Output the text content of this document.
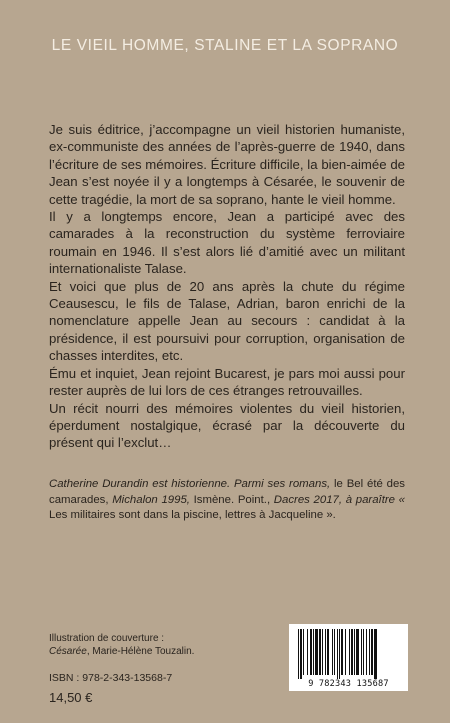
LE VIEIL HOMME, STALINE ET LA SOPRANO

Je suis éditrice, j’accompagne un vieil historien humaniste, ex-communiste des années de l’après-guerre de 1940, dans l’écriture de ses mémoires. Écriture difficile, la bien-aimée de Jean s’est noyée il y a longtemps à Césarée, le souvenir de cette tragédie, la mort de sa soprano, hante le vieil homme.

Il y a longtemps encore, Jean a participé avec des camarades à la reconstruction du système ferroviaire roumain en 1946. Il s’est alors lié d’amitié avec un militant internationaliste Talase.

Et voici que plus de 20 ans après la chute du régime Ceausescu, le fils de Talase, Adrian, baron enrichi de la nomenclature appelle Jean au secours : candidat à la présidence, il est poursuivi pour corruption, organisation de chasses interdites, etc.

Ému et inquiet, Jean rejoint Bucarest, je pars moi aussi pour rester auprès de lui lors de ces étranges retrouvailles.

Un récit nourri des mémoires violentes du vieil historien, éperdument nostalgique, écrasé par la découverte du présent qui l’exclut…

Catherine Durandin est historienne. Parmi ses romans, le Bel été des camarades, Michalon 1995, Ismène. Point., Dacres 2017, à paraître « Les militaires sont dans la piscine, lettres à Jacqueline ».

Illustration de couverture :
Césarée, Marie-Hélène Touzalin.
ISBN : 978-2-343-13568-7
14,50 €
9 782343 135687
